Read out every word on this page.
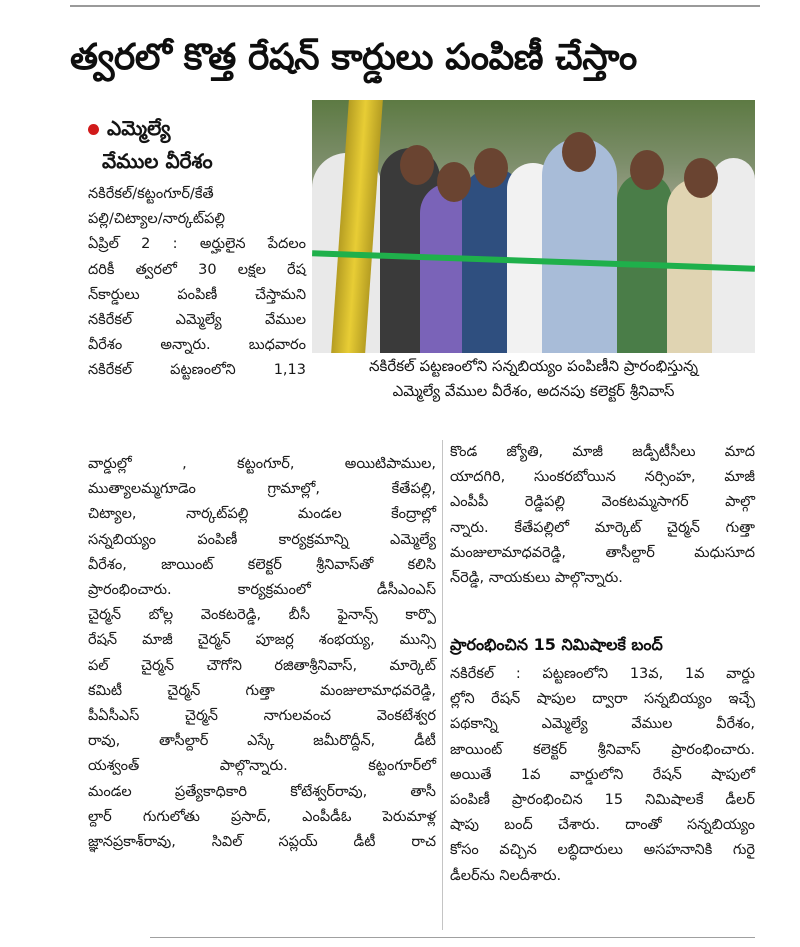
త్వరలో కొత్త రేషన్ కార్డులు పంపిణీ చేస్తాం
ఎమ్మెల్యే
వేముల వీరేశం
నకిరేకల్ పట్టణంలోని సన్నబియ్యం పంపిణీని ప్రారంభిస్తున్న
ఎమ్మెల్యే వేముల వీరేశం, అదనపు కలెక్టర్ శ్రీనివాస్

నకిరేకల్/కట్టంగూర్/కేతే

పల్లి/చిట్యాల/నార్కట్‌పల్లి

ఏప్రిల్ 2 : అర్హులైన పేదలం

దరికీ త్వరలో 30 లక్షల రేష

న్‌కార్డులు పంపిణీ చేస్తామని

నకిరేకల్ ఎమ్మెల్యే వేముల

వీరేశం అన్నారు. బుధవారం

నకిరేకల్ పట్టణంలోని 1,13

వార్డుల్లో , కట్టంగూర్, అయిటిపాముల,

ముత్యాలమ్మగూడెం గ్రామాల్లో, కేతేపల్లి,

చిట్యాల, నార్కట్‌పల్లి మండల కేంద్రాల్లో

సన్నబియ్యం పంపిణీ కార్యక్రమాన్ని ఎమ్మెల్యే

వీరేశం, జాయింట్ కలెక్టర్ శ్రీనివాస్‌తో కలిసి

ప్రారంభించారు. కార్యక్రమంలో డీసీఎంఎస్

చైర్మన్ బోల్ల వెంకటరెడ్డి, బీసీ ఫైనాన్స్ కార్పొ

రేషన్ మాజీ చైర్మన్ పూజర్ల శంభయ్య, మున్సి

పల్ చైర్మన్ చౌగోని రజితాశ్రీనివాస్, మార్కెట్

కమిటీ చైర్మన్ గుత్తా మంజులామాధవరెడ్డి,

పీఏసీఎస్ చైర్మన్ నాగులవంచ వెంకటేశ్వర

రావు, తాసీల్దార్ ఎస్కే జమీరొద్దీన్, డీటీ

యశ్వంత్ పాల్గొన్నారు. కట్టంగూర్‌లో

మండల ప్రత్యేకాధికారి కోటేశ్వర్‌రావు, తాసీ

ల్దార్ గుగులోతు ప్రసాద్, ఎంపీడీఓ పెరుమాళ్ల

జ్ఞానప్రకాశ్‌రావు, సివిల్ సప్లయ్ డీటీ రాచ

కొండ జ్యోతి, మాజీ జడ్పీటీసీలు మాద

యాదగిరి, సుంకరబోయిన నర్సింహ, మాజీ

ఎంపీపీ రెడ్డిపల్లి వెంకటమ్మసాగర్ పాల్గొ

న్నారు. కేతేపల్లిలో మార్కెట్ చైర్మన్ గుత్తా

మంజులామాధవరెడ్డి, తాసీల్దార్ మధుసూద

న్‌రెడ్డి, నాయకులు పాల్గొన్నారు.

ప్రారంభించిన 15 నిమిషాలకే బంద్

నకిరేకల్ : పట్టణంలోని 13వ, 1వ వార్డు

ల్లోని రేషన్ షాపుల ద్వారా సన్నబియ్యం ఇచ్చే

పథకాన్ని ఎమ్మెల్యే వేముల వీరేశం,

జాయింట్ కలెక్టర్ శ్రీనివాస్ ప్రారంభించారు.

అయితే 1వ వార్డులోని రేషన్ షాపులో

పంపిణీ ప్రారంభించిన 15 నిమిషాలకే డీలర్

షాపు బంద్ చేశారు. దాంతో సన్నబియ్యం

కోసం వచ్చిన లబ్ధిదారులు అసహనానికి గురై

డీలర్‌ను నిలదీశారు.
